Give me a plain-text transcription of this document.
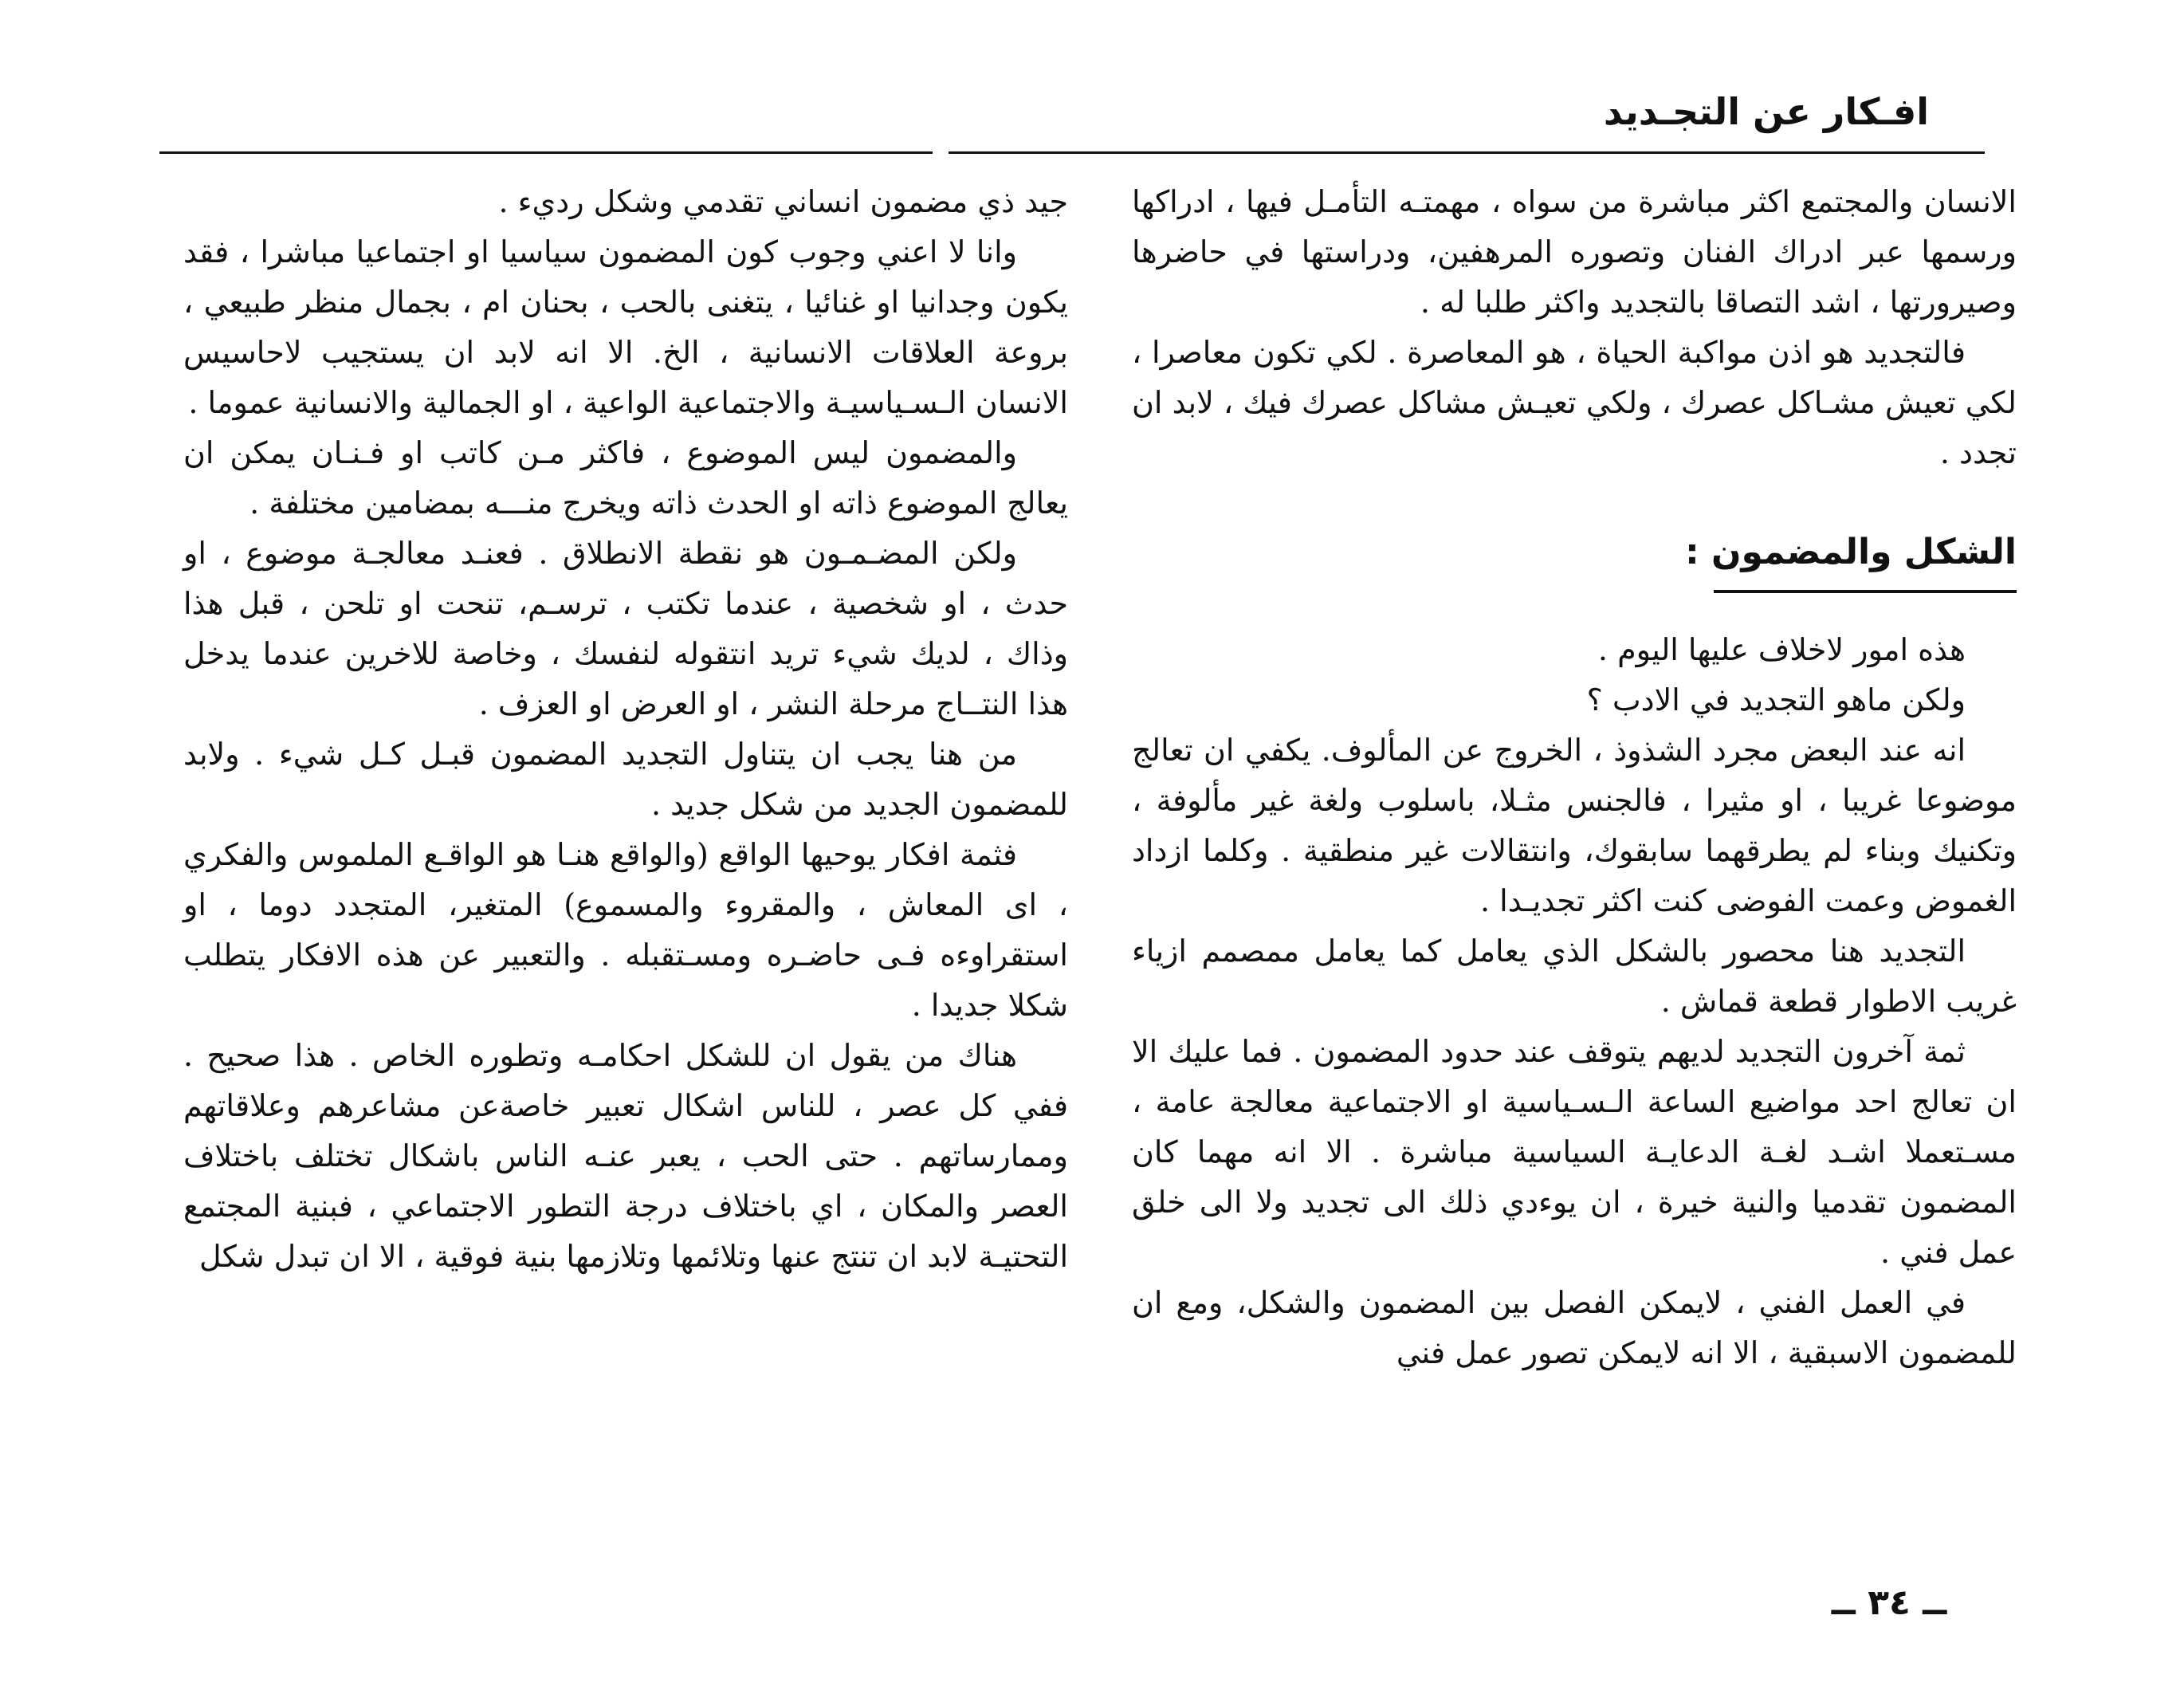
افـكار عن التجـديد

الانسان والمجتمع اكثر مباشرة من سواه ، مهمتـه التأمـل فيها ، ادراكها ورسمها عبر ادراك الفنان وتصوره المرهفين، ودراستها في حاضرها وصيرورتها ، اشد التصاقا بالتجديد واكثر طلبا له .

فالتجديد هو اذن مواكبة الحياة ، هو المعاصرة . لكي تكون معاصرا ، لكي تعيش مشـاكل عصرك ، ولكي تعيـش مشاكل عصرك فيك ، لابد ان تجدد .

الشكل والمضمون :

هذه امور لاخلاف عليها اليوم .

ولكن ماهو التجديد في الادب ؟

انه عند البعض مجرد الشذوذ ، الخروج عن المألوف. يكفي ان تعالج موضوعا غريبا ، او مثيرا ، فالجنس مثـلا، باسلوب ولغة غير مألوفة ، وتكنيك وبناء لم يطرقهما سابقوك، وانتقالات غير منطقية . وكلما ازداد الغموض وعمت الفوضى كنت اكثر تجديـدا .

التجديد هنا محصور بالشكل الذي يعامل كما يعامل ممصمم ازياء غريب الاطوار قطعة قماش .

ثمة آخرون التجديد لديهم يتوقف عند حدود المضمون . فما عليك الا ان تعالج احد مواضيع الساعة الـسـياسية او الاجتماعية معالجة عامة ، مسـتعملا اشـد لغـة الدعايـة السياسية مباشرة . الا انه مهما كان المضمون تقدميا والنية خيرة ، ان يوءدي ذلك الى تجديد ولا الى خلق عمل فني .

في العمل الفني ، لايمكن الفصل بين المضمون والشكل، ومع ان للمضمون الاسبقية ، الا انه لايمكن تصور عمل فني

جيد ذي مضمون انساني تقدمي وشكل رديء .

وانا لا اعني وجوب كون المضمون سياسيا او اجتماعيا مباشرا ، فقد يكون وجدانيا او غنائيا ، يتغنى بالحب ، بحنان ام ، بجمال منظر طبيعي ، بروعة العلاقات الانسانية ، الخ. الا انه لابد ان يستجيب لاحاسيس الانسان الـسـياسيـة والاجتماعية الواعية ، او الجمالية والانسانية عموما .

والمضمون ليس الموضوع ، فاكثر مـن كاتب او فـنـان يمكن ان يعالج الموضوع ذاته او الحدث ذاته ويخرج منـــه بمضامين مختلفة .

ولكن المضـمـون هو نقطة الانطلاق . فعنـد معالجـة موضوع ، او حدث ، او شخصية ، عندما تكتب ، ترسـم، تنحت او تلحن ، قبل هذا وذاك ، لديك شيء تريد انتقوله لنفسك ، وخاصة للاخرين عندما يدخل هذا النتــاج مرحلة النشر ، او العرض او العزف .

من هنا يجب ان يتناول التجديد المضمون قبـل كـل شيء . ولابد للمضمون الجديد من شكل جديد .

فثمة افكار يوحيها الواقع (والواقع هنـا هو الواقـع الملموس والفكري ، اى المعاش ، والمقروء والمسموع) المتغير، المتجدد دوما ، او استقراوءه فـى حاضـره ومسـتقبله . والتعبير عن هذه الافكار يتطلب شكلا جديدا .

هناك من يقول ان للشكل احكامـه وتطوره الخاص . هذا صحيح . ففي كل عصر ، للناس اشكال تعبير خاصةعن مشاعرهم وعلاقاتهم وممارساتهم . حتى الحب ، يعبر عنـه الناس باشكال تختلف باختلاف العصر والمكان ، اي باختلاف درجة التطور الاجتماعي ، فبنية المجتمع التحتيـة لابد ان تنتج عنها وتلائمها وتلازمها بنية فوقية ، الا ان تبدل شكل

ــ ٣٤ ــ
